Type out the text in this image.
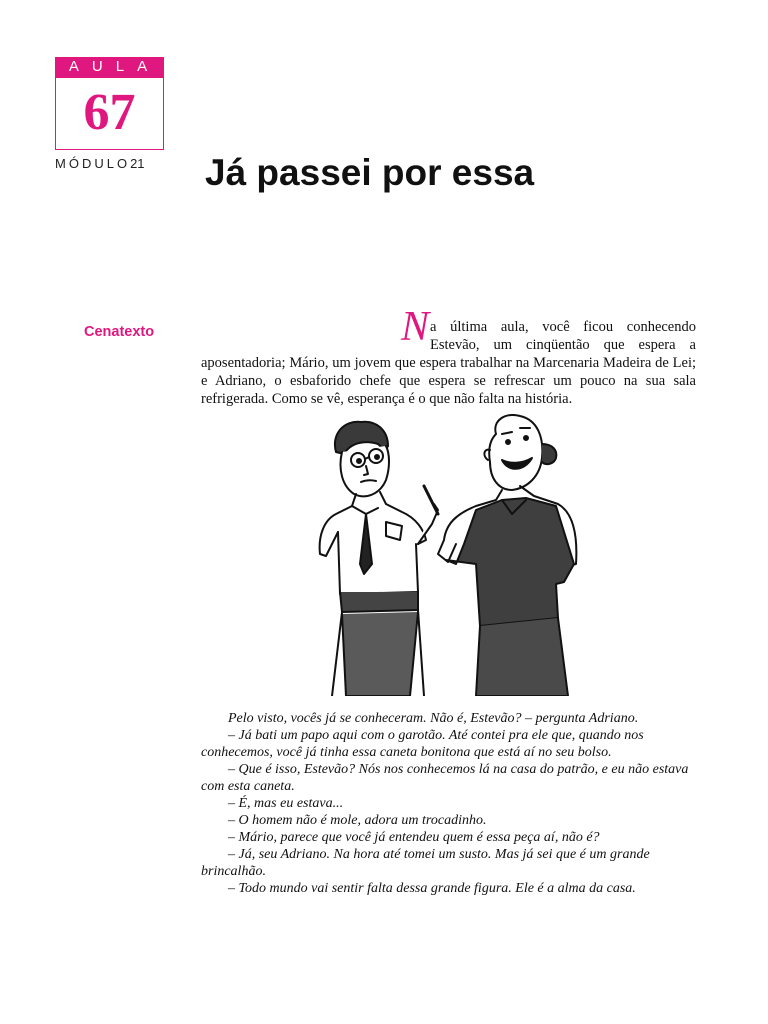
AULA
67
MÓDULO21	Já passei por essa
Cenatexto	Na última aula, você ficou conhecendo Estevão, um cinqüentão que espera a aposentadoria; Mário, um jovem que espera trabalhar na Marcenaria Madeira de Lei; e Adriano, o esbaforido chefe que espera se refrescar um pouco na sua sala refrigerada. Como se vê, esperança é o que não falta na história.

Pelo visto, vocês já se conheceram. Não é, Estevão? – pergunta Adriano.

– Já bati um papo aqui com o garotão. Até contei pra ele que, quando nos conhecemos, você já tinha essa caneta bonitona que está aí no seu bolso.

– Que é isso, Estevão? Nós nos conhecemos lá na casa do patrão, e eu não estava com esta caneta.

– É, mas eu estava...

– O homem não é mole, adora um trocadinho.

– Mário, parece que você já entendeu quem é essa peça aí, não é?

– Já, seu Adriano. Na hora até tomei um susto. Mas já sei que é um grande brincalhão.

– Todo mundo vai sentir falta dessa grande figura. Ele é a alma da casa.
